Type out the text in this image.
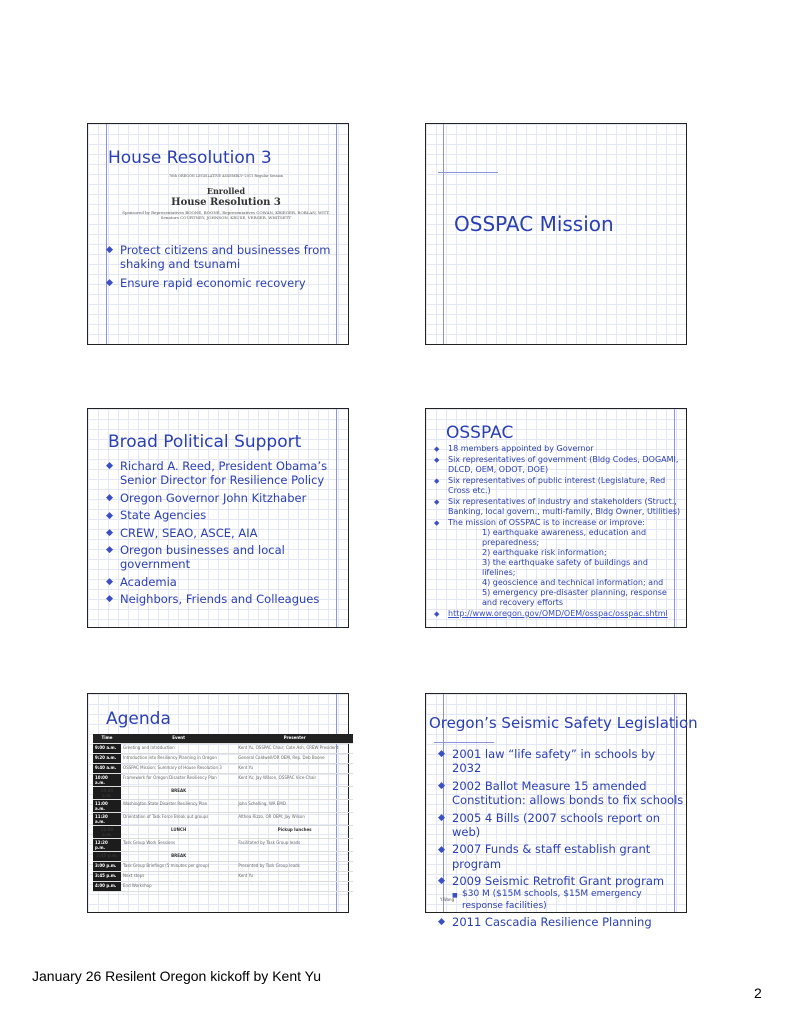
House Resolution 3
76th OREGON LEGISLATIVE ASSEMBLY--2011 Regular Session
Enrolled
House Resolution 3
Sponsored by Representatives BOONE, BOONE, Representatives COWAN, KRIEGER, ROBLAN, WITT, Senators COURTNEY, JOHNSON, KRUSE, VERGER, WHITSETT
◆ Protect citizens and businesses from shaking and tsunami
◆ Ensure rapid economic recovery
OSSPAC Mission
Broad Political Support
◆ Richard A. Reed, President Obama’s Senior Director for Resilience Policy
◆ Oregon Governor John Kitzhaber
◆ State Agencies
◆ CREW, SEAO, ASCE, AIA
◆ Oregon businesses and local government
◆ Academia
◆ Neighbors, Friends and Colleagues
OSSPAC
◆ 18 members appointed by Governor
◆ Six representatives of government (Bldg Codes, DOGAMI, DLCD, OEM, ODOT, DOE)
◆ Six representatives of public interest (Legislature, Red Cross etc.)
◆ Six representatives of industry and stakeholders (Struct., Banking, local govern., multi-family, Bldg Owner, Utilities)
◆ The mission of OSSPAC is to increase or improve:
1) earthquake awareness, education and preparedness;
2) earthquake risk information;
3) the earthquake safety of buildings and lifelines;
4) geoscience and technical information; and
5) emergency pre-disaster planning, response and recovery efforts
◆ http://www.oregon.gov/OMD/OEM/osspac/osspac.shtml
Agenda
Time	Event	Presenter
9:00 a.m.	Greeting and Introduction	Kent Yu, OSSPAC Chair; Cate Ash, CREW President
9:20 a.m.	Introduction into Resiliency Planning in Oregon	General Caldwell/OR OEM, Rep. Deb Boone
9:40 a.m.	OSSPAC Mission; Summary of House Resolution 3	Kent Yu
10:00 a.m.	Framework for Oregon Disaster Resiliency Plan	Kent Yu; Jay Wilson, OSSPAC Vice-Chair
10:45 a.m.	BREAK	
11:00 a.m.	Washington State Disaster Resiliency Plan	John Schelling, WA EMD
11:30 a.m.	Orientation of Task Force Break out groups	Althea Rizzo, OR OEM; Jay Wilson
12:00 a.m.	LUNCH	Pickup lunches
12:20 p.m.	Task Group Work Sessions	Facilitated by Task Group leads
2:45 p.m.	BREAK	
3:00 p.m.	Task Group Briefings (5 minutes per group)	Presented by Task Group leads
3:45 p.m.	Next steps	Kent Yu
4:00 p.m.	End Workshop	
Oregon’s Seismic Safety Legislation
◆ 2001 law “life safety” in schools by 2032
◆ 2002 Ballot Measure 15 amended Constitution: allows bonds to fix schools
◆ 2005 4 Bills (2007 schools report on web)
◆ 2007 Funds & staff establish grant program
◆ 2009 Seismic Retrofit Grant program
■ $30 M ($15M schools, $15M emergency response facilities)
◆ 2011 Cascadia Resilience Planning
Y.Wang
January 26 Resilent Oregon kickoff by Kent Yu
2
